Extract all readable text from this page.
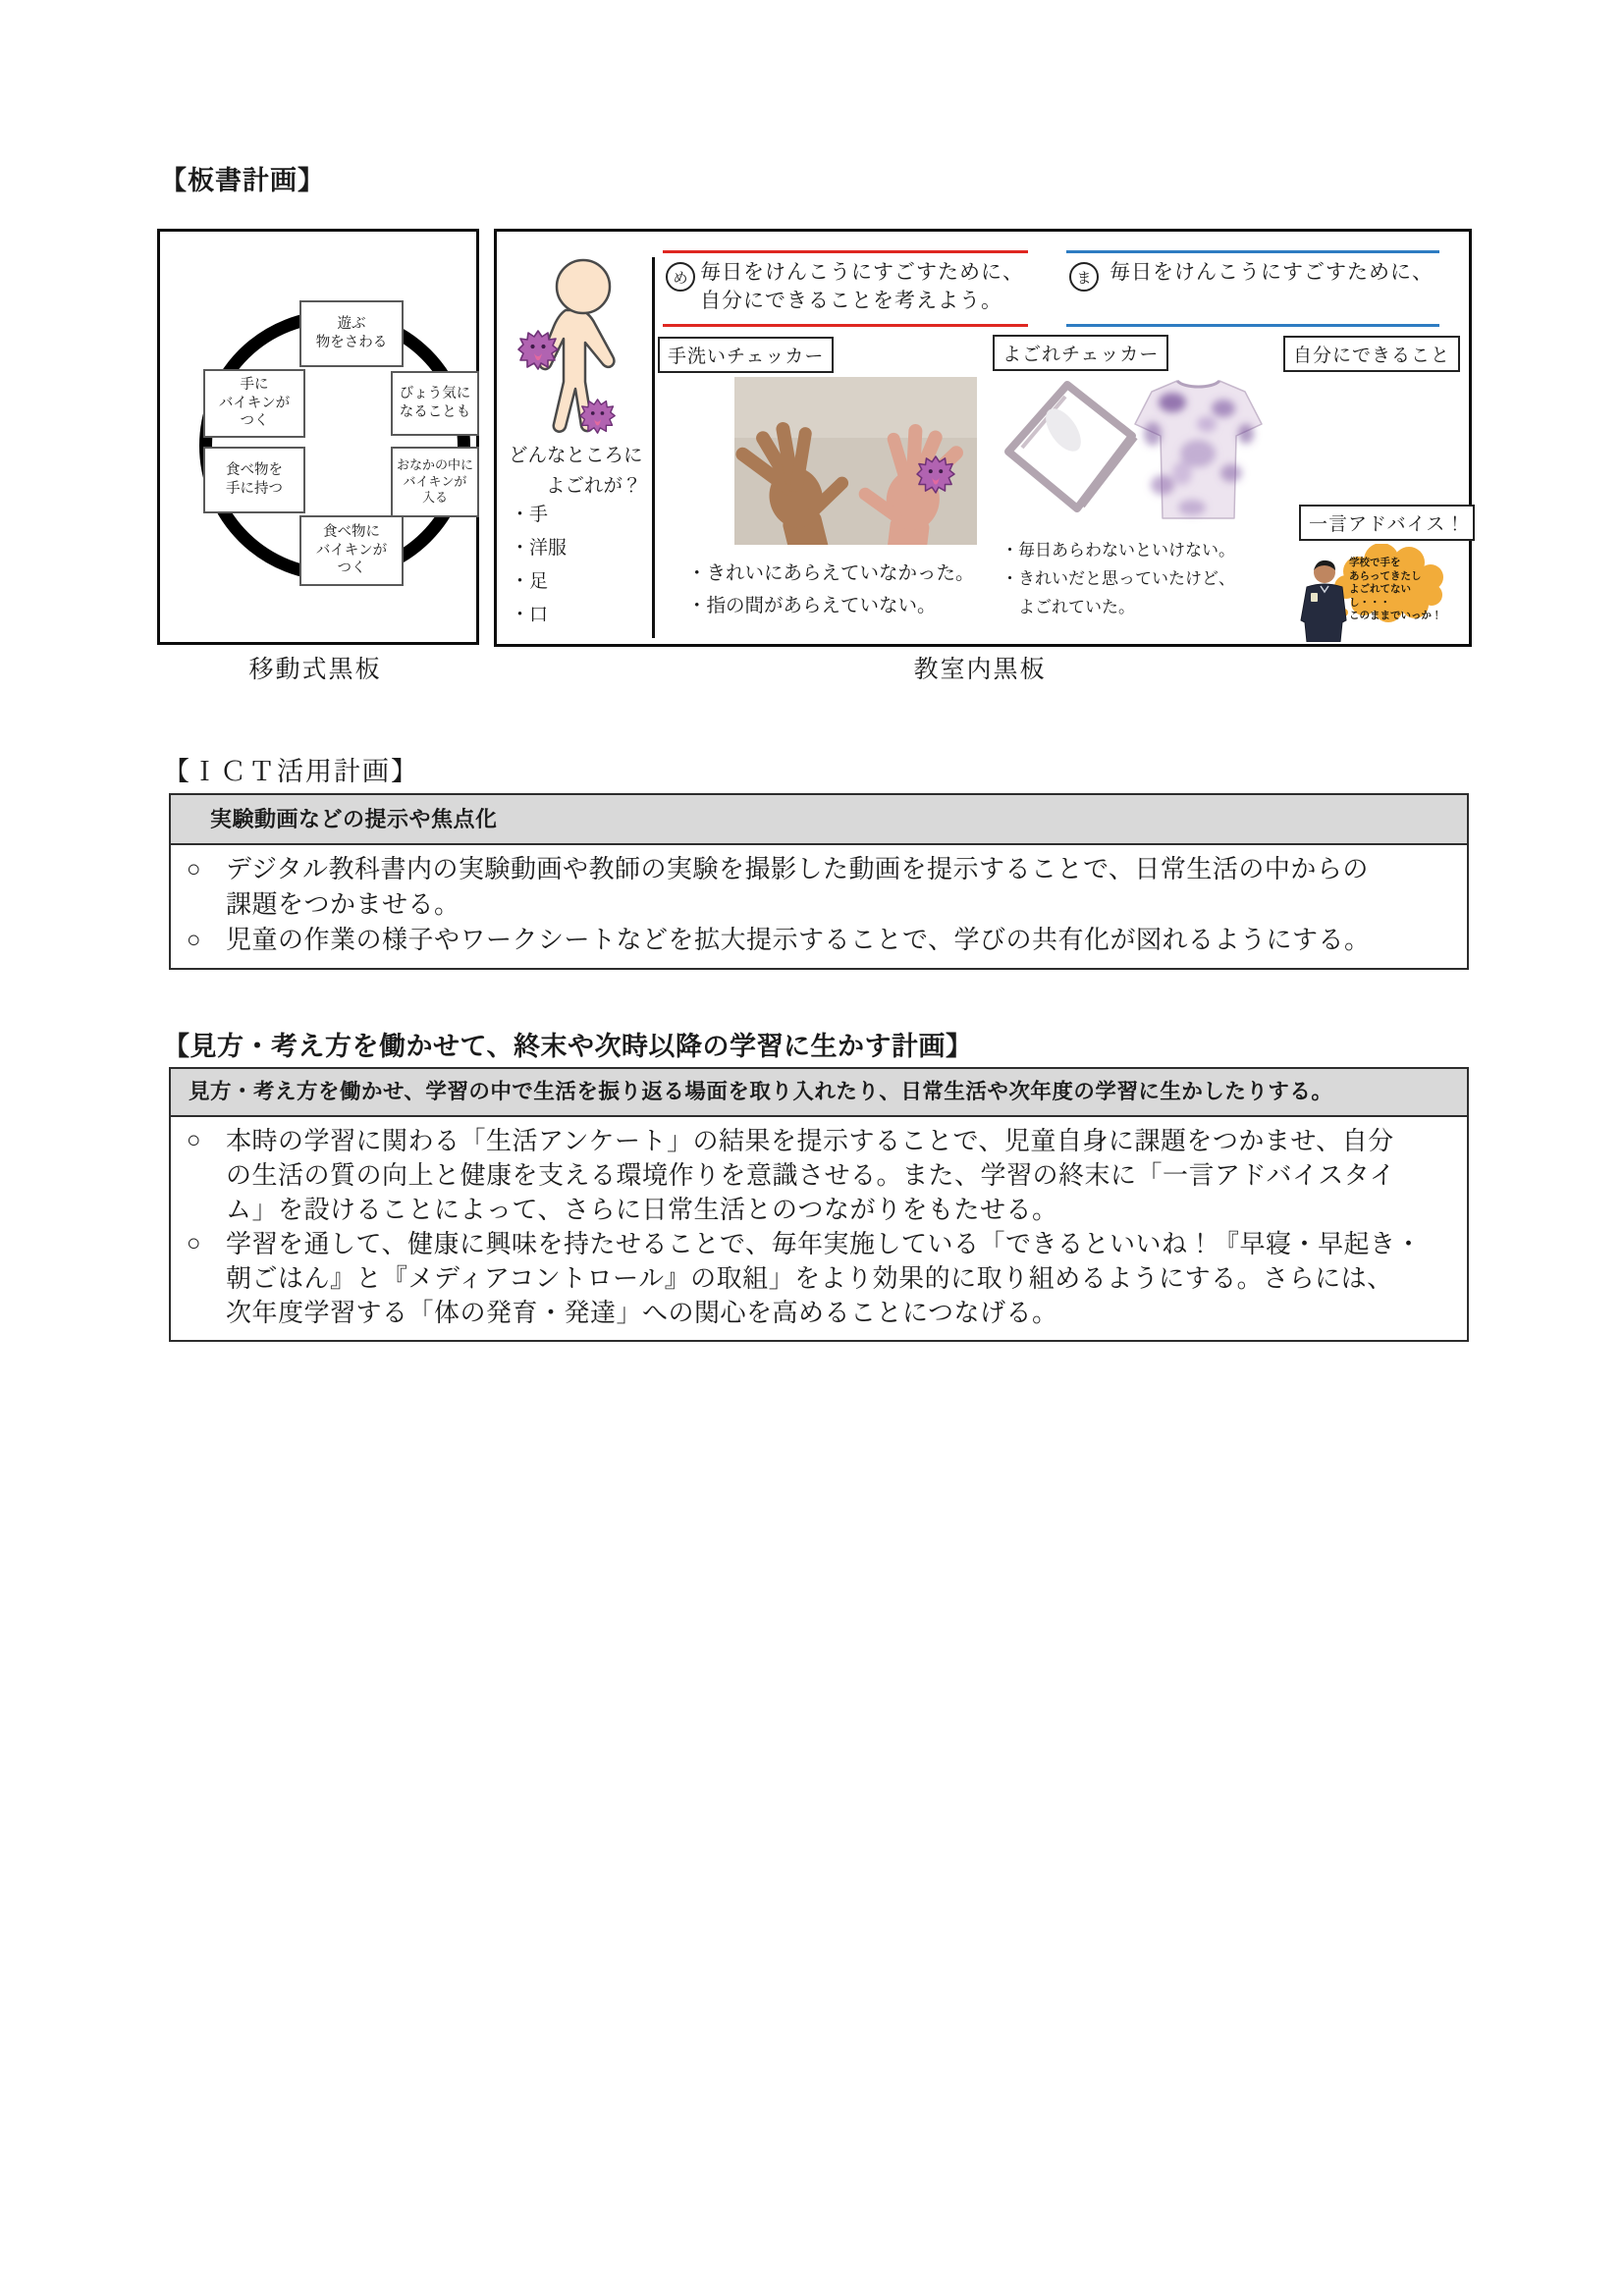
【板書計画】
遊ぶ
物をさわる
手に
バイキンが
つく
びょう気に
なることも
食べ物を
手に持つ
おなかの中に
バイキンが
入る
食べ物に
バイキンが
つく
移動式黒板
どんなところに
よごれが？
・手
・洋服
・足
・口
め 毎日をけんこうにすごすために、
自分にできることを考えよう。
ま 毎日をけんこうにすごすために、
手洗いチェッカー
・きれいにあらえていなかった。
・指の間があらえていない。
よごれチェッカー
・毎日あらわないといけない。
・きれいだと思っていたけど、
　よごれていた。
自分にできること
一言アドバイス！
学校で手を
あらってきたし
よごれてないし・・・
このままでいっか！
教室内黒板
【ＩＣＴ活用計画】
実験動画などの提示や焦点化
○ デジタル教科書内の実験動画や教師の実験を撮影した動画を提示することで、日常生活の中からの
課題をつかませる。
○ 児童の作業の様子やワークシートなどを拡大提示することで、学びの共有化が図れるようにする。
【見方・考え方を働かせて、終末や次時以降の学習に生かす計画】
見方・考え方を働かせ、学習の中で生活を振り返る場面を取り入れたり、日常生活や次年度の学習に生かしたりする。
○ 本時の学習に関わる「生活アンケート」の結果を提示することで、児童自身に課題をつかませ、自分
の生活の質の向上と健康を支える環境作りを意識させる。また、学習の終末に「一言アドバイスタイ
ム」を設けることによって、さらに日常生活とのつながりをもたせる。
○ 学習を通して、健康に興味を持たせることで、毎年実施している「できるといいね！『早寝・早起き・
朝ごはん』と『メディアコントロール』の取組」をより効果的に取り組めるようにする。さらには、
次年度学習する「体の発育・発達」への関心を高めることにつなげる。
